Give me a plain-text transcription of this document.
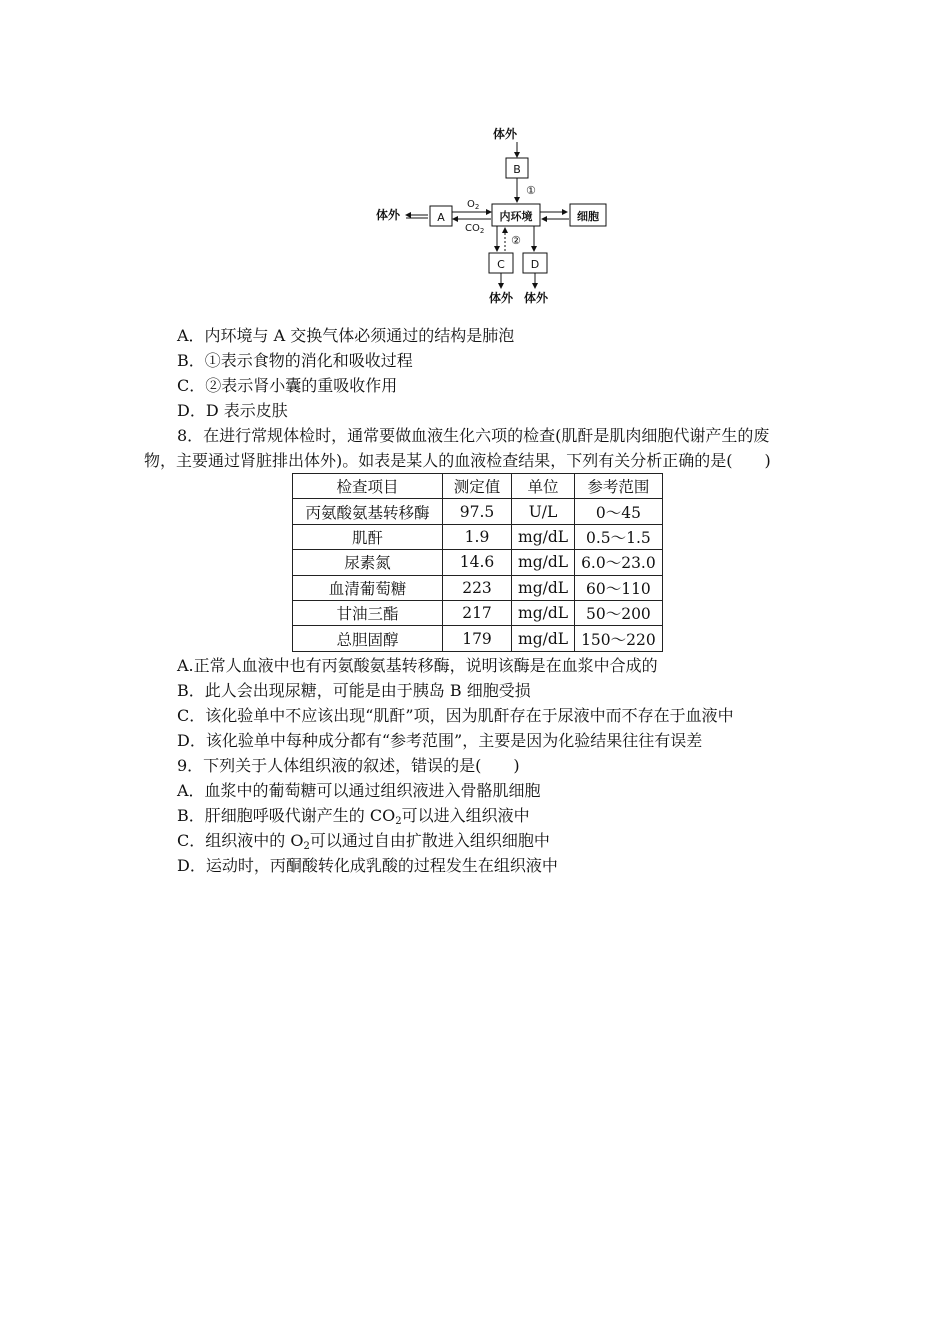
体外
B
①
体外	A
$O_2$
$CO_2$
内环境	细胞
②
C D
体外 体外
A．内环境与 A 交换气体必须通过的结构是肺泡
B．①表示食物的消化和吸收过程
C．②表示肾小囊的重吸收作用
D．D 表示皮肤
8．在进行常规体检时，通常要做血液生化六项的检查(肌酐是肌肉细胞代谢产生的废
物，主要通过肾脏排出体外)。如表是某人的血液检查结果，下列有关分析正确的是(　　)
检查项目	测定值	单位	参考范围
丙氨酸氨基转移酶	97.5	U/L	0～45
肌酐	1.9	mg/dL	0.5～1.5
尿素氮	14.6	mg/dL	6.0～23.0
血清葡萄糖	223	mg/dL	60～110
甘油三酯	217	mg/dL	50～200
总胆固醇	179	mg/dL	150～220
A.正常人血液中也有丙氨酸氨基转移酶，说明该酶是在血浆中合成的
B．此人会出现尿糖，可能是由于胰岛 B 细胞受损
C．该化验单中不应该出现“肌酐”项，因为肌酐存在于尿液中而不存在于血液中
D．该化验单中每种成分都有“参考范围”，主要是因为化验结果往往有误差
9．下列关于人体组织液的叙述，错误的是(　　)
A．血浆中的葡萄糖可以通过组织液进入骨骼肌细胞
B．肝细胞呼吸代谢产生的 $CO_2$可以进入组织液中
C．组织液中的 $O_2$可以通过自由扩散进入组织细胞中
D．运动时，丙酮酸转化成乳酸的过程发生在组织液中
